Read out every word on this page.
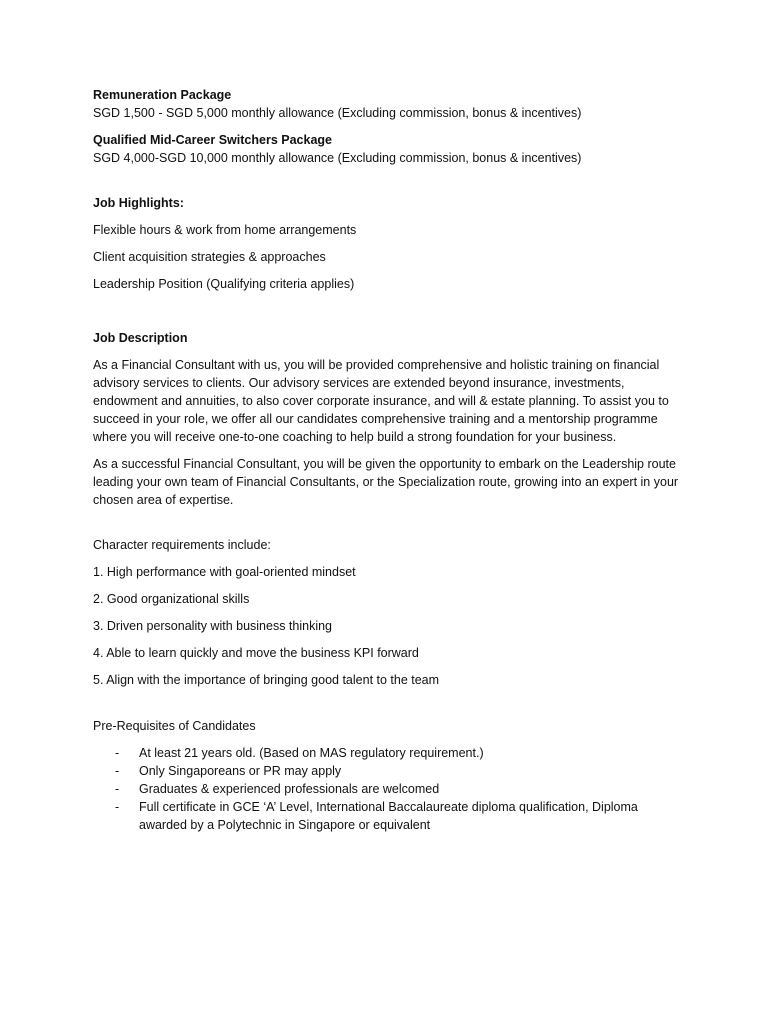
Remuneration Package

SGD 1,500 - SGD 5,000 monthly allowance (Excluding commission, bonus & incentives)

Qualified Mid-Career Switchers Package

SGD 4,000-SGD 10,000 monthly allowance (Excluding commission, bonus & incentives)

Job Highlights:

Flexible hours & work from home arrangements
Client acquisition strategies & approaches
Leadership Position (Qualifying criteria applies)

Job Description

As a Financial Consultant with us, you will be provided comprehensive and holistic training on financial advisory services to clients. Our advisory services are extended beyond insurance, investments, endowment and annuities, to also cover corporate insurance, and will & estate planning. To assist you to succeed in your role, we offer all our candidates comprehensive training and a mentorship programme where you will receive one-to-one coaching to help build a strong foundation for your business.

As a successful Financial Consultant, you will be given the opportunity to embark on the Leadership route leading your own team of Financial Consultants, or the Specialization route, growing into an expert in your chosen area of expertise.

Character requirements include:

1. High performance with goal-oriented mindset
2. Good organizational skills
3. Driven personality with business thinking
4. Able to learn quickly and move the business KPI forward
5. Align with the importance of bringing good talent to the team

Pre-Requisites of Candidates

- At least 21 years old. (Based on MAS regulatory requirement.)
- Only Singaporeans or PR may apply
- Graduates & experienced professionals are welcomed
- Full certificate in GCE ‘A’ Level, International Baccalaureate diploma qualification, Diploma awarded by a Polytechnic in Singapore or equivalent
